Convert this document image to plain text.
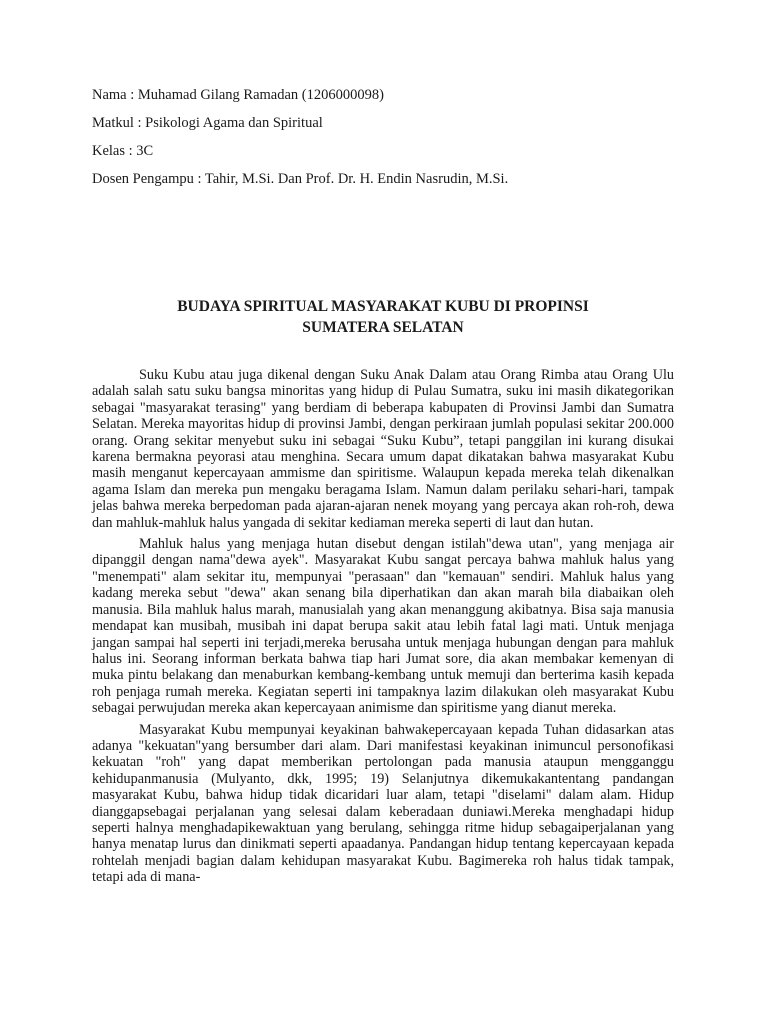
Nama : Muhamad Gilang Ramadan (1206000098)

Matkul : Psikologi Agama dan Spiritual

Kelas : 3C

Dosen Pengampu : Tahir, M.Si. Dan Prof. Dr. H. Endin Nasrudin, M.Si.

BUDAYA SPIRITUAL MASYARAKAT KUBU DI PROPINSI
SUMATERA SELATAN

Suku Kubu atau juga dikenal dengan Suku Anak Dalam atau Orang Rimba atau Orang Ulu adalah salah satu suku bangsa minoritas yang hidup di Pulau Sumatra, suku ini masih dikategorikan sebagai "masyarakat terasing" yang berdiam di beberapa kabupaten di Provinsi Jambi dan Sumatra Selatan. Mereka mayoritas hidup di provinsi Jambi, dengan perkiraan jumlah populasi sekitar 200.000 orang. Orang sekitar menyebut suku ini sebagai “Suku Kubu”, tetapi panggilan ini kurang disukai karena bermakna peyorasi atau menghina. Secara umum dapat dikatakan bahwa masyarakat Kubu masih menganut kepercayaan ammisme dan spiritisme. Walaupun kepada mereka telah dikenalkan agama Islam dan mereka pun mengaku beragama Islam. Namun dalam perilaku sehari-hari, tampak jelas bahwa mereka berpedoman pada ajaran-ajaran nenek moyang yang percaya akan roh-roh, dewa dan mahluk-mahluk halus yangada di sekitar kediaman mereka seperti di laut dan hutan.

Mahluk halus yang menjaga hutan disebut dengan istilah"dewa utan", yang menjaga air dipanggil dengan nama"dewa ayek". Masyarakat Kubu sangat percaya bahwa mahluk halus yang "menempati" alam sekitar itu, mempunyai "perasaan" dan "kemauan" sendiri. Mahluk halus yang kadang mereka sebut "dewa" akan senang bila diperhatikan dan akan marah bila diabaikan oleh manusia. Bila mahluk halus marah, manusialah yang akan menanggung akibatnya. Bisa saja manusia mendapat kan musibah, musibah ini dapat berupa sakit atau lebih fatal lagi mati. Untuk menjaga jangan sampai hal seperti ini terjadi,mereka berusaha untuk menjaga hubungan dengan para mahluk halus ini. Seorang informan berkata bahwa tiap hari Jumat sore, dia akan membakar kemenyan di muka pintu belakang dan menaburkan kembang-kembang untuk memuji dan berterima kasih kepada roh penjaga rumah mereka. Kegiatan seperti ini tampaknya lazim dilakukan oleh masyarakat Kubu sebagai perwujudan mereka akan kepercayaan animisme dan spiritisme yang dianut mereka.

Masyarakat Kubu mempunyai keyakinan bahwakepercayaan kepada Tuhan didasarkan atas adanya "kekuatan"yang bersumber dari alam. Dari manifestasi keyakinan inimuncul personofikasi kekuatan "roh" yang dapat memberikan pertolongan pada manusia ataupun mengganggu kehidupanmanusia (Mulyanto, dkk, 1995; 19) Selanjutnya dikemukakantentang pandangan masyarakat Kubu, bahwa hidup tidak dicaridari luar alam, tetapi "diselami" dalam alam. Hidup dianggapsebagai perjalanan yang selesai dalam keberadaan duniawi.Mereka menghadapi hidup seperti halnya menghadapikewaktuan yang berulang, sehingga ritme hidup sebagaiperjalanan yang hanya menatap lurus dan dinikmati seperti apaadanya. Pandangan hidup tentang kepercayaan kepada rohtelah menjadi bagian dalam kehidupan masyarakat Kubu. Bagimereka roh halus tidak tampak, tetapi ada di mana-
